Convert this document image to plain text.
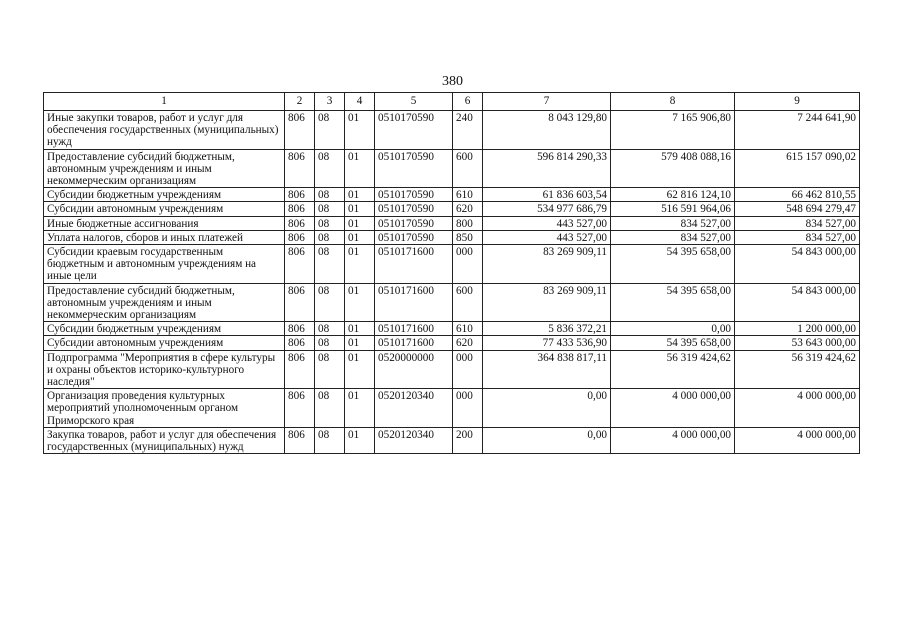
380
1	2	3	4	5	6	7	8	9
Иные закупки товаров, работ и услуг для обеспечения государственных (муниципальных) нужд	806	08	01	0510170590	240	8 043 129,80	7 165 906,80	7 244 641,90
Предоставление субсидий бюджетным, автономным учреждениям и иным некоммерческим организациям	806	08	01	0510170590	600	596 814 290,33	579 408 088,16	615 157 090,02
Субсидии бюджетным учреждениям	806	08	01	0510170590	610	61 836 603,54	62 816 124,10	66 462 810,55
Субсидии автономным учреждениям	806	08	01	0510170590	620	534 977 686,79	516 591 964,06	548 694 279,47
Иные бюджетные ассигнования	806	08	01	0510170590	800	443 527,00	834 527,00	834 527,00
Уплата налогов, сборов и иных платежей	806	08	01	0510170590	850	443 527,00	834 527,00	834 527,00
Субсидии краевым государственным бюджетным и автономным учреждениям на иные цели	806	08	01	0510171600	000	83 269 909,11	54 395 658,00	54 843 000,00
Предоставление субсидий бюджетным, автономным учреждениям и иным некоммерческим организациям	806	08	01	0510171600	600	83 269 909,11	54 395 658,00	54 843 000,00
Субсидии бюджетным учреждениям	806	08	01	0510171600	610	5 836 372,21	0,00	1 200 000,00
Субсидии автономным учреждениям	806	08	01	0510171600	620	77 433 536,90	54 395 658,00	53 643 000,00
Подпрограмма "Мероприятия в сфере культуры и охраны объектов историко-культурного наследия"	806	08	01	0520000000	000	364 838 817,11	56 319 424,62	56 319 424,62
Организация проведения культурных мероприятий уполномоченным органом Приморского края	806	08	01	0520120340	000	0,00	4 000 000,00	4 000 000,00
Закупка товаров, работ и услуг для обеспечения государственных (муниципальных) нужд	806	08	01	0520120340	200	0,00	4 000 000,00	4 000 000,00
